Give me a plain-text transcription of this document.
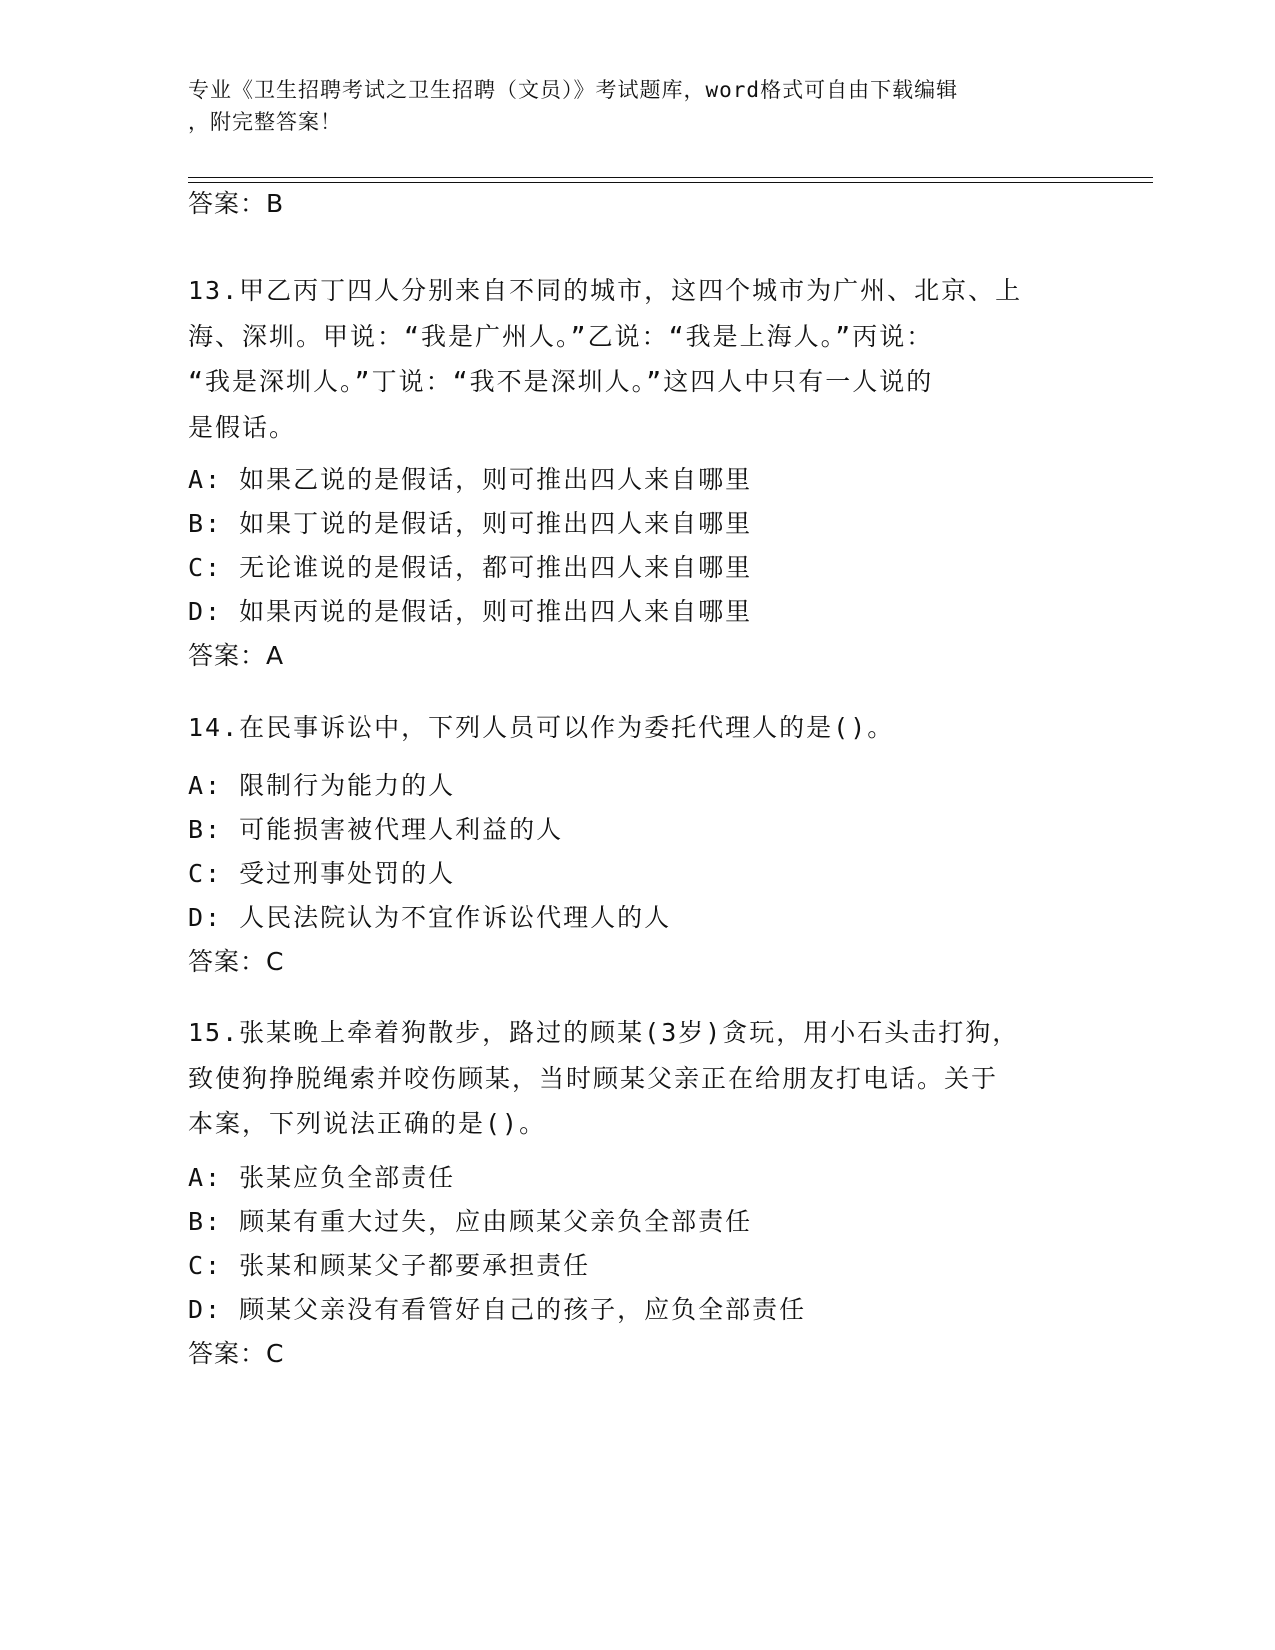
专业《卫生招聘考试之卫生招聘（文员）》考试题库，word格式可自由下载编辑
，附完整答案！
答案：B
13.甲乙丙丁四人分别来自不同的城市，这四个城市为广州、北京、上
海、深圳。甲说：“我是广州人。”乙说：“我是上海人。”丙说：
“我是深圳人。”丁说：“我不是深圳人。”这四人中只有一人说的
是假话。
A: 如果乙说的是假话，则可推出四人来自哪里
B: 如果丁说的是假话，则可推出四人来自哪里
C: 无论谁说的是假话，都可推出四人来自哪里
D: 如果丙说的是假话，则可推出四人来自哪里
答案：A
14.在民事诉讼中，下列人员可以作为委托代理人的是()。
A: 限制行为能力的人
B: 可能损害被代理人利益的人
C: 受过刑事处罚的人
D: 人民法院认为不宜作诉讼代理人的人
答案：C
15.张某晚上牵着狗散步，路过的顾某(3岁)贪玩，用小石头击打狗，
致使狗挣脱绳索并咬伤顾某，当时顾某父亲正在给朋友打电话。关于
本案，下列说法正确的是()。
A: 张某应负全部责任
B: 顾某有重大过失，应由顾某父亲负全部责任
C: 张某和顾某父子都要承担责任
D: 顾某父亲没有看管好自己的孩子，应负全部责任
答案：C
